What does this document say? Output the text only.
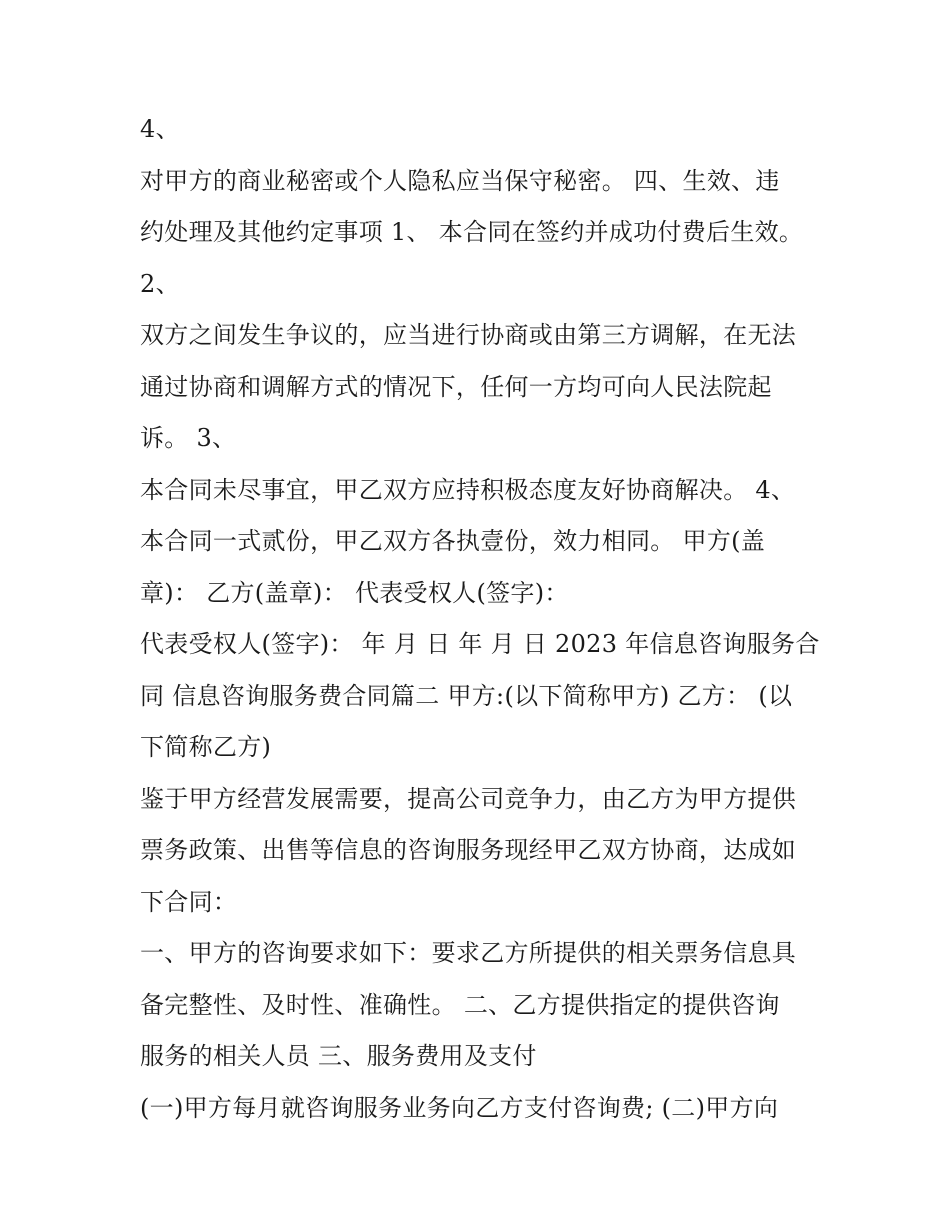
4、
对甲方的商业秘密或个人隐私应当保守秘密。 四、生效、违
约处理及其他约定事项 1、 本合同在签约并成功付费后生效。
2、
双方之间发生争议的，应当进行协商或由第三方调解，在无法
通过协商和调解方式的情况下，任何一方均可向人民法院起
诉。 3、
本合同未尽事宜，甲乙双方应持积极态度友好协商解决。 4、
本合同一式贰份，甲乙双方各执壹份，效力相同。 甲方(盖
章)： 乙方(盖章)： 代表受权人(签字)：
代表受权人(签字)： 年 月 日 年 月 日 2023 年信息咨询服务合
同 信息咨询服务费合同篇二 甲方:(以下简称甲方) 乙方： (以
下简称乙方)
鉴于甲方经营发展需要，提高公司竞争力，由乙方为甲方提供
票务政策、出售等信息的咨询服务现经甲乙双方协商，达成如
下合同：
一、甲方的咨询要求如下：要求乙方所提供的相关票务信息具
备完整性、及时性、准确性。 二、乙方提供指定的提供咨询
服务的相关人员 三、服务费用及支付
(一)甲方每月就咨询服务业务向乙方支付咨询费; (二)甲方向
